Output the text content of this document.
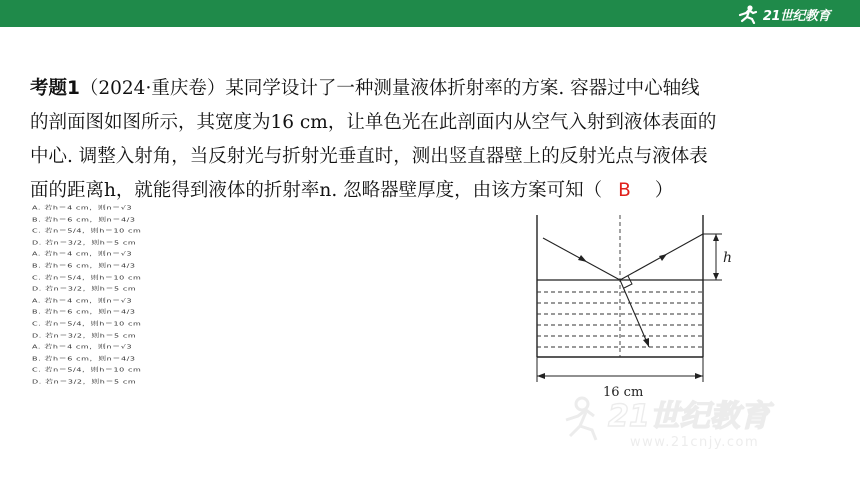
21世纪教育
考题1（2024·重庆卷）某同学设计了一种测量液体折射率的方案. 容器过中心轴线
的剖面图如图所示，其宽度为16 cm，让单色光在此剖面内从空气入射到液体表面的
中心. 调整入射角，当反射光与折射光垂直时，测出竖直器壁上的反射光点与液体表
面的距离h，就能得到液体的折射率n. 忽略器壁厚度，由该方案可知（ B ）
A. 若h＝4 cm，则n＝√3
B. 若h＝6 cm，则n＝4/3
C. 若n＝5/4，则h＝10 cm
D. 若n＝3/2，则h＝5 cm
A. 若h＝4 cm，则n＝√3
B. 若h＝6 cm，则n＝4/3
C. 若n＝5/4，则h＝10 cm
D. 若n＝3/2，则h＝5 cm
A. 若h＝4 cm，则n＝√3
B. 若h＝6 cm，则n＝4/3
C. 若n＝5/4，则h＝10 cm
D. 若n＝3/2，则h＝5 cm
A. 若h＝4 cm，则n＝√3
B. 若h＝6 cm，则n＝4/3
C. 若n＝5/4，则h＝10 cm
D. 若n＝3/2，则h＝5 cm
h
16 cm
21世纪教育
www.21cnjy.com
